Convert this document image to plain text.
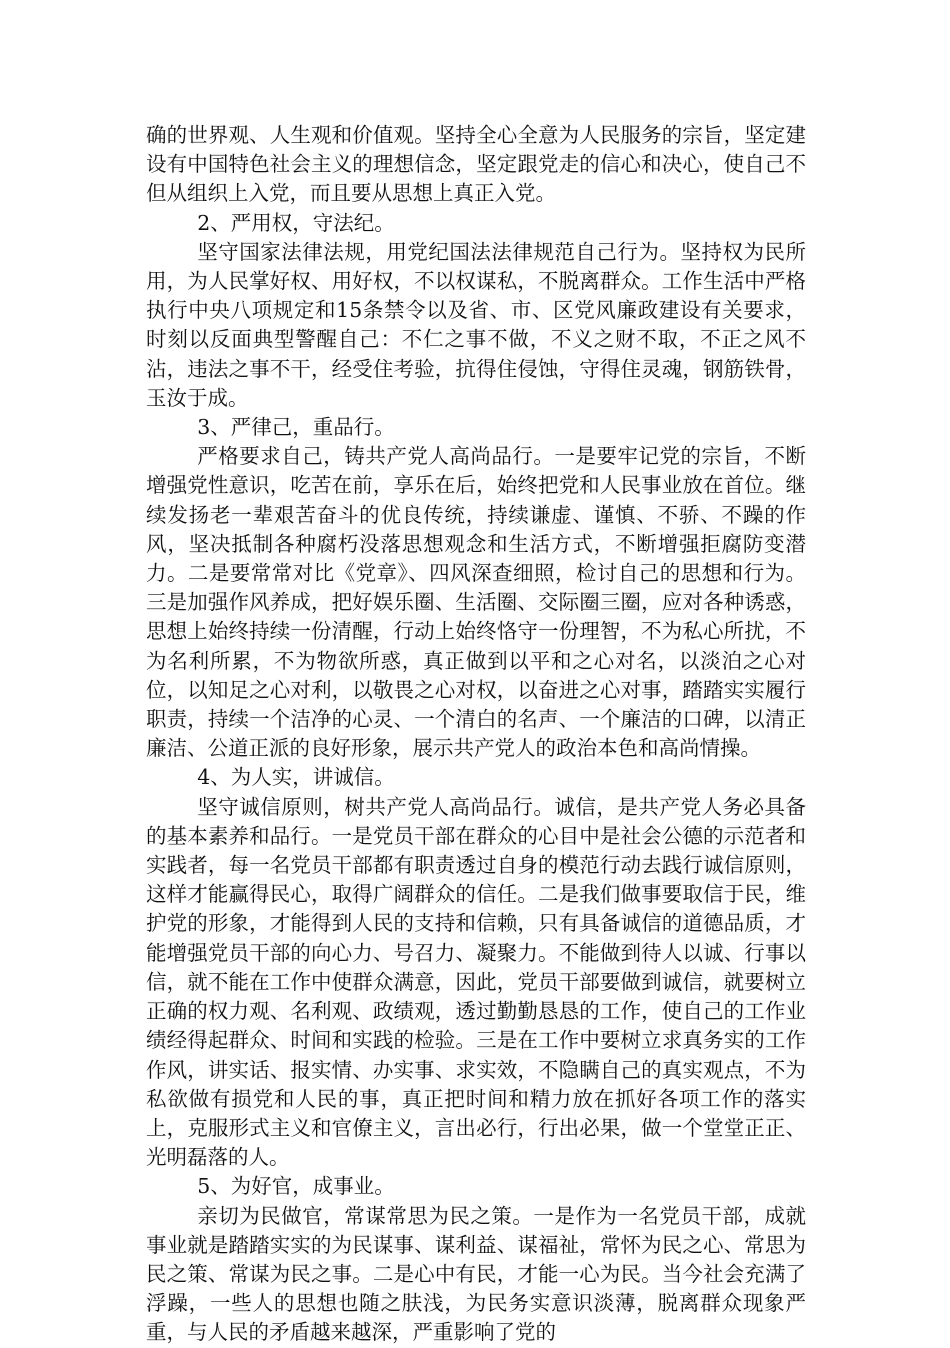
确的世界观、人生观和价值观。坚持全心全意为人民服务的宗旨，坚定建设有中国特色社会主义的理想信念，坚定跟党走的信心和决心，使自己不但从组织上入党，而且要从思想上真正入党。

2、严用权，守法纪。

坚守国家法律法规，用党纪国法法律规范自己行为。坚持权为民所用，为人民掌好权、用好权，不以权谋私，不脱离群众。工作生活中严格执行中央八项规定和15条禁令以及省、市、区党风廉政建设有关要求，时刻以反面典型警醒自己：不仁之事不做，不义之财不取，不正之风不沾，违法之事不干，经受住考验，抗得住侵蚀，守得住灵魂，钢筋铁骨，玉汝于成。

3、严律己，重品行。

严格要求自己，铸共产党人高尚品行。一是要牢记党的宗旨，不断增强党性意识，吃苦在前，享乐在后，始终把党和人民事业放在首位。继续发扬老一辈艰苦奋斗的优良传统，持续谦虚、谨慎、不骄、不躁的作风，坚决抵制各种腐朽没落思想观念和生活方式，不断增强拒腐防变潜力。二是要常常对比《党章》、四风深查细照，检讨自己的思想和行为。三是加强作风养成，把好娱乐圈、生活圈、交际圈三圈，应对各种诱惑，思想上始终持续一份清醒，行动上始终恪守一份理智，不为私心所扰，不为名利所累，不为物欲所惑，真正做到以平和之心对名，以淡泊之心对位，以知足之心对利，以敬畏之心对权，以奋进之心对事，踏踏实实履行职责，持续一个洁净的心灵、一个清白的名声、一个廉洁的口碑，以清正廉洁、公道正派的良好形象，展示共产党人的政治本色和高尚情操。

4、为人实，讲诚信。

坚守诚信原则，树共产党人高尚品行。诚信，是共产党人务必具备的基本素养和品行。一是党员干部在群众的心目中是社会公德的示范者和实践者，每一名党员干部都有职责透过自身的模范行动去践行诚信原则，这样才能赢得民心，取得广阔群众的信任。二是我们做事要取信于民，维护党的形象，才能得到人民的支持和信赖，只有具备诚信的道德品质，才能增强党员干部的向心力、号召力、凝聚力。不能做到待人以诚、行事以信，就不能在工作中使群众满意，因此，党员干部要做到诚信，就要树立正确的权力观、名利观、政绩观，透过勤勤恳恳的工作，使自己的工作业绩经得起群众、时间和实践的检验。三是在工作中要树立求真务实的工作作风，讲实话、报实情、办实事、求实效，不隐瞒自己的真实观点，不为私欲做有损党和人民的事，真正把时间和精力放在抓好各项工作的落实上，克服形式主义和官僚主义，言出必行，行出必果，做一个堂堂正正、光明磊落的人。

5、为好官，成事业。

亲切为民做官，常谋常思为民之策。一是作为一名党员干部，成就事业就是踏踏实实的为民谋事、谋利益、谋福祉，常怀为民之心、常思为民之策、常谋为民之事。二是心中有民，才能一心为民。当今社会充满了浮躁，一些人的思想也随之肤浅，为民务实意识淡薄，脱离群众现象严重，与人民的矛盾越来越深，严重影响了党的
